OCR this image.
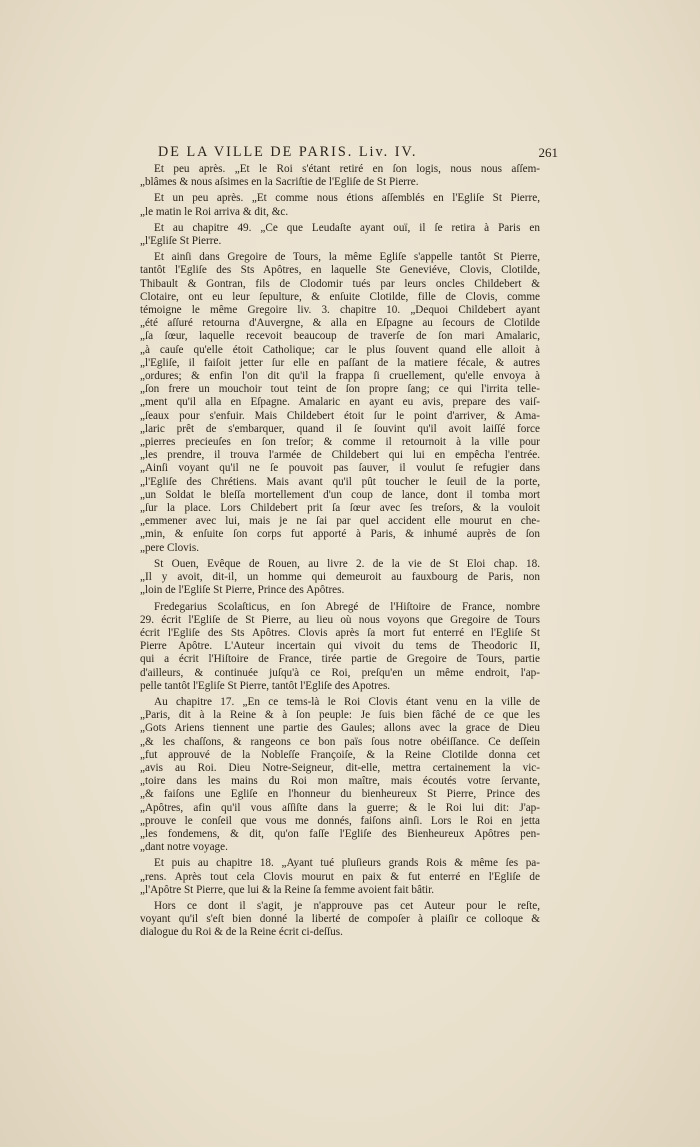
DE LA VILLE DE PARIS. Liv. IV.	261
Et peu après. „Et le Roi s'étant retiré en ſon logis, nous nous aſſem-
„blâmes & nous aſsimes en la Sacriſtie de l'Egliſe de St Pierre.
Et un peu après. „Et comme nous étions aſſemblés en l'Egliſe St Pierre,
„le matin le Roi arriva & dit, &c.
Et au chapitre 49. „Ce que Leudaſte ayant ouï, il ſe retira à Paris en
„l'Egliſe St Pierre.
Et ainſi dans Gregoire de Tours, la même Egliſe s'appelle tantôt St Pierre,
tantôt l'Egliſe des Sts Apôtres, en laquelle Ste Geneviéve, Clovis, Clotilde,
Thibault & Gontran, fils de Clodomir tués par leurs oncles Childebert &
Clotaire, ont eu leur ſepulture, & enſuite Clotilde, fille de Clovis, comme
témoigne le même Gregoire liv. 3. chapitre 10. „Dequoi Childebert ayant
„été aſſuré retourna d'Auvergne, & alla en Eſpagne au ſecours de Clotilde
„ſa ſœur, laquelle recevoit beaucoup de traverſe de ſon mari Amalaric,
„à cauſe qu'elle étoit Catholique; car le plus ſouvent quand elle alloit à
„l'Egliſe, il faiſoit jetter ſur elle en paſſant de la matiere fécale, & autres
„ordures; & enfin l'on dit qu'il la frappa ſi cruellement, qu'elle envoya à
„ſon frere un mouchoir tout teint de ſon propre ſang; ce qui l'irrita telle-
„ment qu'il alla en Eſpagne. Amalaric en ayant eu avis, prepare des vaiſ-
„ſeaux pour s'enfuir. Mais Childebert étoit ſur le point d'arriver, & Ama-
„laric prêt de s'embarquer, quand il ſe ſouvint qu'il avoit laiſſé force
„pierres precieuſes en ſon treſor; & comme il retournoit à la ville pour
„les prendre, il trouva l'armée de Childebert qui lui en empêcha l'entrée.
„Ainſi voyant qu'il ne ſe pouvoit pas ſauver, il voulut ſe refugier dans
„l'Egliſe des Chrétiens. Mais avant qu'il pût toucher le ſeuil de la porte,
„un Soldat le bleſſa mortellement d'un coup de lance, dont il tomba mort
„ſur la place. Lors Childebert prit ſa ſœur avec ſes treſors, & la vouloit
„emmener avec lui, mais je ne ſai par quel accident elle mourut en che-
„min, & enſuite ſon corps fut apporté à Paris, & inhumé auprès de ſon
„pere Clovis.
St Ouen, Evêque de Rouen, au livre 2. de la vie de St Eloi chap. 18.
„Il y avoit, dit-il, un homme qui demeuroit au fauxbourg de Paris, non
„loin de l'Egliſe St Pierre, Prince des Apôtres.
Fredegarius Scolaſticus, en ſon Abregé de l'Hiſtoire de France, nombre
29. écrit l'Egliſe de St Pierre, au lieu où nous voyons que Gregoire de Tours
écrit l'Egliſe des Sts Apôtres. Clovis après ſa mort fut enterré en l'Egliſe St
Pierre Apôtre. L'Auteur incertain qui vivoit du tems de Theodoric II,
qui a écrit l'Hiſtoire de France, tirée partie de Gregoire de Tours, partie
d'ailleurs, & continuée juſqu'à ce Roi, preſqu'en un même endroit, l'ap-
pelle tantôt l'Egliſe St Pierre, tantôt l'Egliſe des Apotres.
Au chapitre 17. „En ce tems-là le Roi Clovis étant venu en la ville de
„Paris, dit à la Reine & à ſon peuple: Je ſuis bien fâché de ce que les
„Gots Ariens tiennent une partie des Gaules; allons avec la grace de Dieu
„& les chaſſons, & rangeons ce bon païs ſous notre obéiſſance. Ce deſſein
„fut approuvé de la Nobleſſe Françoiſe, & la Reine Clotilde donna cet
„avis au Roi. Dieu Notre-Seigneur, dit-elle, mettra certainement la vic-
„toire dans les mains du Roi mon maître, mais écoutés votre ſervante,
„& faiſons une Egliſe en l'honneur du bienheureux St Pierre, Prince des
„Apôtres, afin qu'il vous aſſiſte dans la guerre; & le Roi lui dit: J'ap-
„prouve le conſeil que vous me donnés, faiſons ainſi. Lors le Roi en jetta
„les fondemens, & dit, qu'on faſſe l'Egliſe des Bienheureux Apôtres pen-
„dant notre voyage.
Et puis au chapitre 18. „Ayant tué pluſieurs grands Rois & même ſes pa-
„rens. Après tout cela Clovis mourut en paix & fut enterré en l'Egliſe de
„l'Apôtre St Pierre, que lui & la Reine ſa femme avoient fait bâtir.
Hors ce dont il s'agit, je n'approuve pas cet Auteur pour le reſte,
voyant qu'il s'eſt bien donné la liberté de compoſer à plaiſir ce colloque &
dialogue du Roi & de la Reine écrit ci-deſſus.
